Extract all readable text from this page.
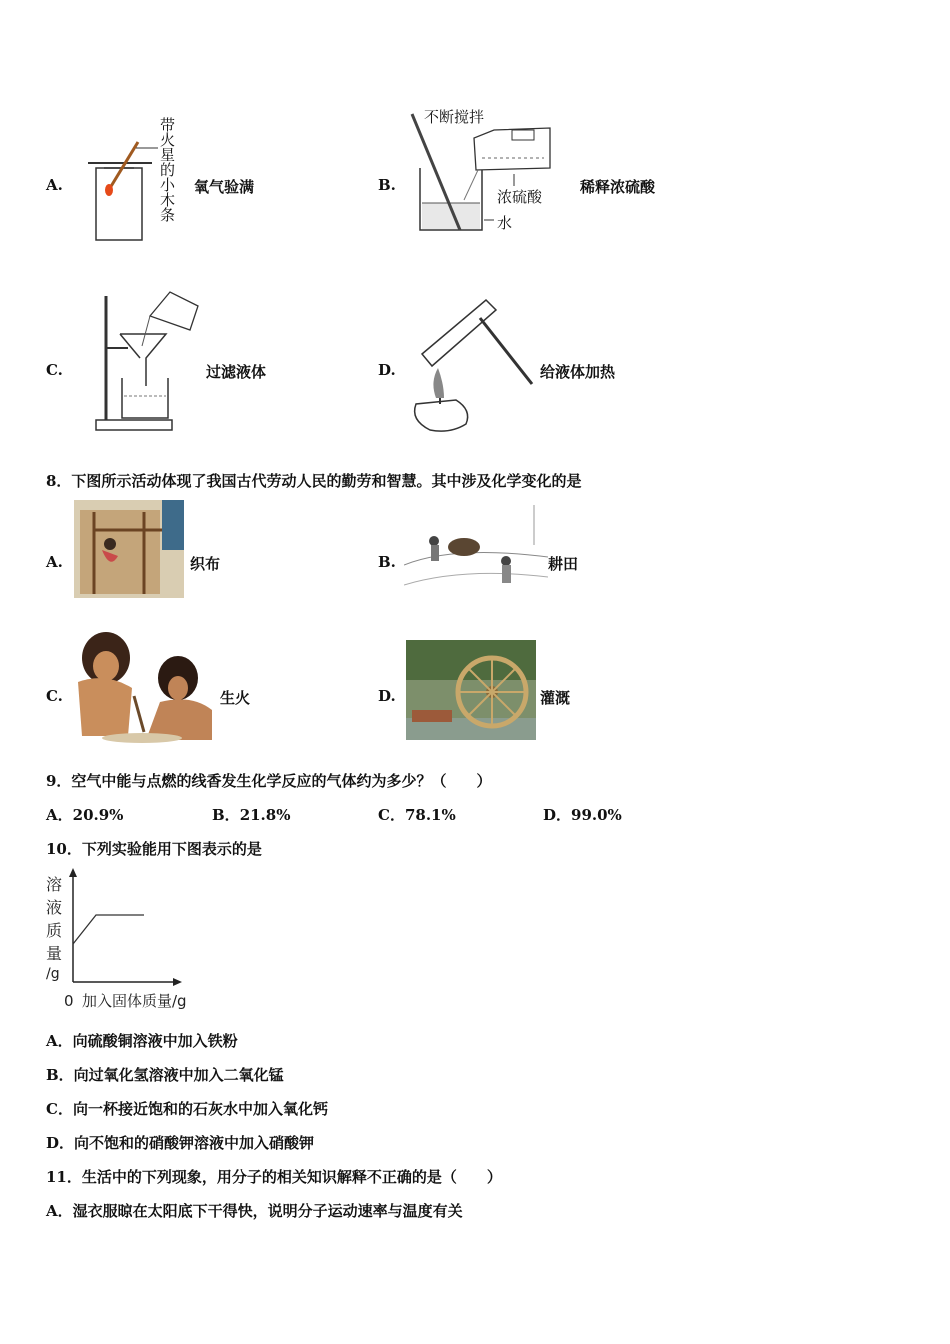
A.
带火星的小木条
氧气验满	B.
不断搅拌
浓硫酸
水
稀释浓硫酸
C.	过滤液体	D.	给液体加热
8．下图所示活动体现了我国古代劳动人民的勤劳和智慧。其中涉及化学变化的是
A.	织布	B.	耕田
C.	生火	D.	灌溉
9．空气中能与点燃的线香发生化学反应的气体约为多少？（　　）
A．20.9%	B．21.8%	C．78.1%	D．99.0%
10．下列实验能用下图表示的是
溶
液
质
量
/g
0 加入固体质量/g
A．向硫酸铜溶液中加入铁粉
B．向过氧化氢溶液中加入二氧化锰
C．向一杯接近饱和的石灰水中加入氧化钙
D．向不饱和的硝酸钾溶液中加入硝酸钾
11．生活中的下列现象，用分子的相关知识解释不正确的是（　　）
A．湿衣服晾在太阳底下干得快，说明分子运动速率与温度有关
